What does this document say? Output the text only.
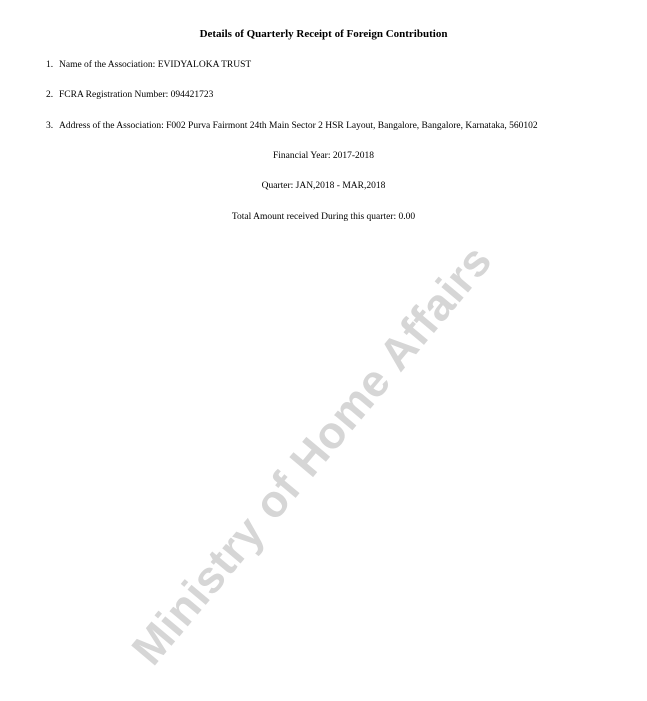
Details of Quarterly Receipt of Foreign Contribution
1. Name of the Association: EVIDYALOKA TRUST
2. FCRA Registration Number: 094421723
3. Address of the Association: F002 Purva Fairmont 24th Main Sector 2 HSR Layout, Bangalore, Bangalore, Karnataka, 560102
Financial Year: 2017-2018
Quarter: JAN,2018 - MAR,2018
Total Amount received During this quarter: 0.00
Ministry of Home Affairs
